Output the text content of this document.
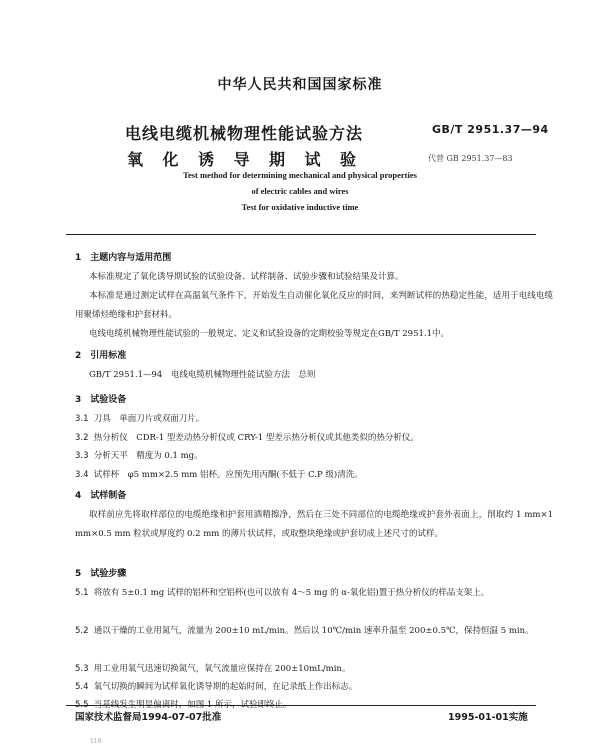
中华人民共和国国家标准
电线电缆机械物理性能试验方法
氧化诱导期试验
GB/T 2951.37—94
代替 GB 2951.37—83
Test method for determining mechanical and physical properties
of electric cables and wires
Test for oxidative inductive time
1　主题内容与适用范围
本标准规定了氧化诱导期试验的试验设备、试样制备、试验步骤和试验结果及计算。
本标准是通过测定试样在高温氧气条件下，开始发生自动催化氧化反应的时间，来判断试样的热稳定性能，适用于电线电缆用聚烯烃绝缘和护套材料。
电线电缆机械物理性能试验的一般规定、定义和试验设备的定期校验等规定在GB/T 2951.1中。
2　引用标准
GB/T 2951.1—94　电线电缆机械物理性能试验方法　总则
3　试验设备
3.1 刀具　单面刀片或双面刀片。
3.2 热分析仪　CDR-1 型差动热分析仪或 CRY-1 型差示热分析仪或其他类似的热分析仪。
3.3 分析天平　精度为 0.1 mg。
3.4 试样杯　φ5 mm×2.5 mm 铝杯。应预先用丙酮(不低于 C.P 级)清洗。
4　试样制备
取样前应先将取样部位的电缆绝缘和护套用酒精擦净，然后在三处不同部位的电缆绝缘或护套外表面上，削取约 1 mm×1 mm×0.5 mm 粒状或厚度约 0.2 mm 的薄片状试样，或取整块绝缘或护套切成上述尺寸的试样。
5　试验步骤
5.1 将放有 5±0.1 mg 试样的铝杯和空铝杯(也可以放有 4～5 mg 的 α-氧化铝)置于热分析仪的样品支架上。
5.2 通以干燥的工业用氮气，流量为 200±10 mL/min。然后以 10℃/min 速率升温至 200±0.5℃，保持恒温 5 min。
5.3 用工业用氧气迅速切换氮气，氧气流量应保持在 200±10mL/min。
5.4 氧气切换的瞬间为试样氧化诱导期的起始时间，在记录纸上作出标志。
5.5 当基线发生明显偏离时，如图 1 所示，试验即终止。
国家技术监督局1994-07-07批准	1995-01-01实施
118
